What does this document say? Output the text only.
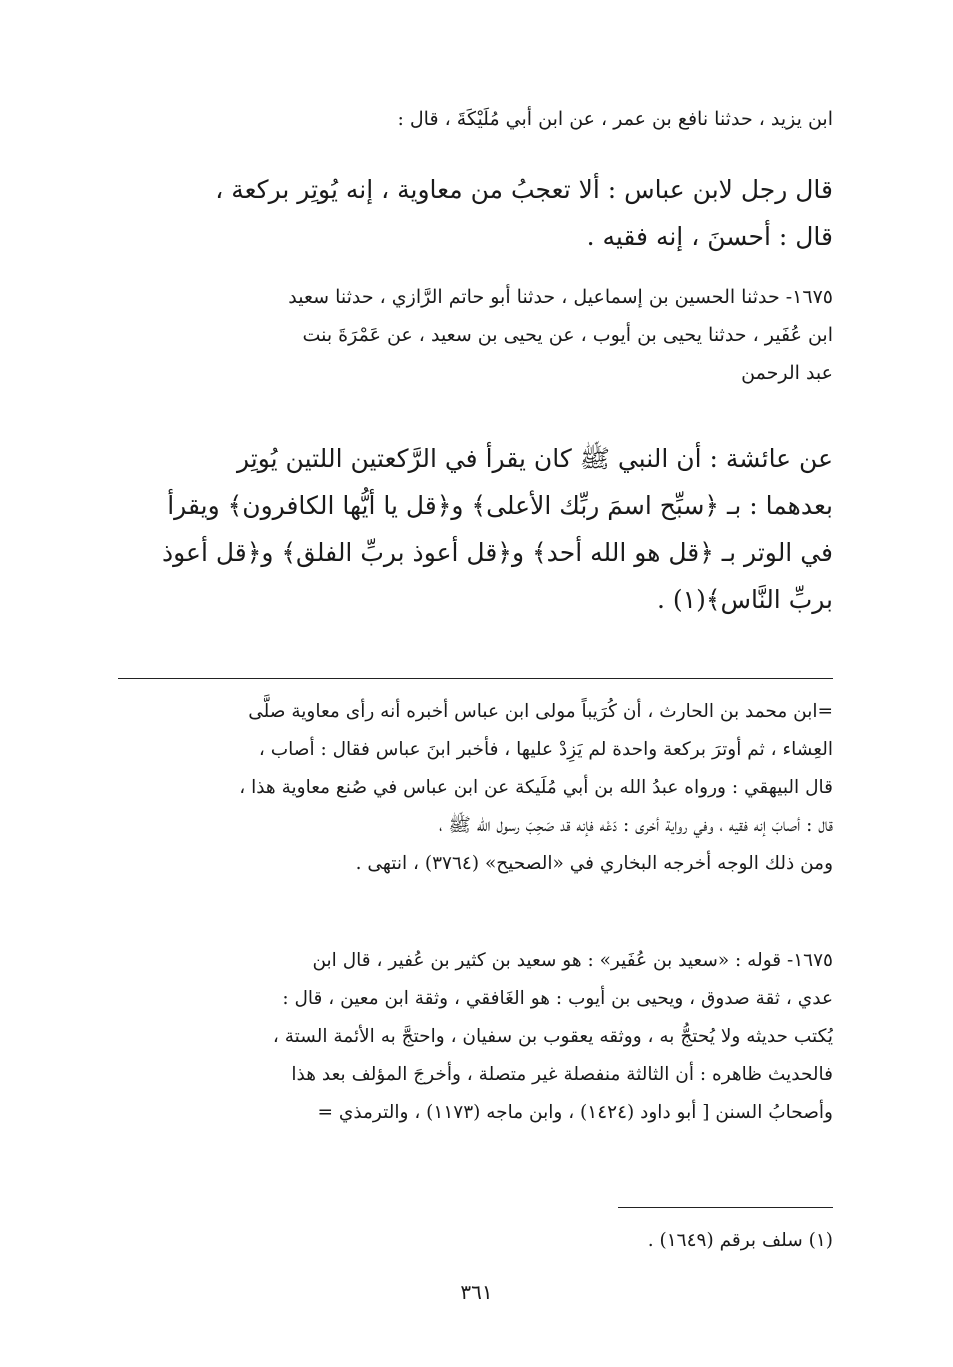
ابن يزيد ، حدثنا نافع بن عمر ، عن ابن أبي مُلَيْكَةَ ، قال :
قال رجل لابن عباس : ألا تعجبُ من معاوية ، إنه يُوتِر بركعة ،
قال : أحسنَ ، إنه فقيه .
١٦٧٥- حدثنا الحسين بن إسماعيل ، حدثنا أبو حاتم الرَّازي ، حدثنا سعيد
ابن عُفَير ، حدثنا يحيى بن أيوب ، عن يحيى بن سعيد ، عن عَمْرَةَ بنت
عبد الرحمن
عن عائشة : أن النبي ﷺ كان يقرأ في الرَّكعتين اللتين يُوتِر
بعدهما : بـ ﴿سبِّح اسمَ ربِّك الأعلى﴾ و﴿قل يا أيُّها الكافرون﴾ ويقرأ
في الوتر بـ ﴿قل هو الله أحد﴾ و﴿قل أعوذ بربِّ الفلق﴾ و﴿قل أعوذ
بربِّ النَّاس﴾(١) .
=ابن محمد بن الحارث ، أن كُرَيباً مولى ابن عباس أخبره أنه رأى معاوية صلَّى
العِشاء ، ثم أوترَ بركعة واحدة لم يَزِدْ عليها ، فأخبر ابنَ عباس فقال : أصاب ،
قال البيهقي : ورواه عبدُ الله بن أبي مُلَيكة عن ابن عباس في صُنع معاوية هذا ،
قال : أصابَ إنه فقيه ، وفي رواية أخرى : دَعْه فإنه قد صَحِبَ رسول الله ﷺ ،
ومن ذلك الوجه أخرجه البخاري في «الصحيح» (٣٧٦٤) ، انتهى .
١٦٧٥- قوله : «سعيد بن عُفَير» : هو سعيد بن كثير بن عُفير ، قال ابن
عدي ، ثقة صدوق ، ويحيى بن أيوب : هو الغَافقي ، وثقة ابن معين ، قال :
يُكتب حديثه ولا يُحتجُّ به ، ووثقه يعقوب بن سفيان ، واحتجَّ به الأئمة الستة ،
فالحديث ظاهره : أن الثالثة منفصلة غير متصلة ، وأخرجَ المؤلف بعد هذا
وأصحابُ السنن [ أبو داود (١٤٢٤) ، وابن ماجه (١١٧٣) ، والترمذي =
(١) سلف برقم (١٦٤٩) .
٣٦١
